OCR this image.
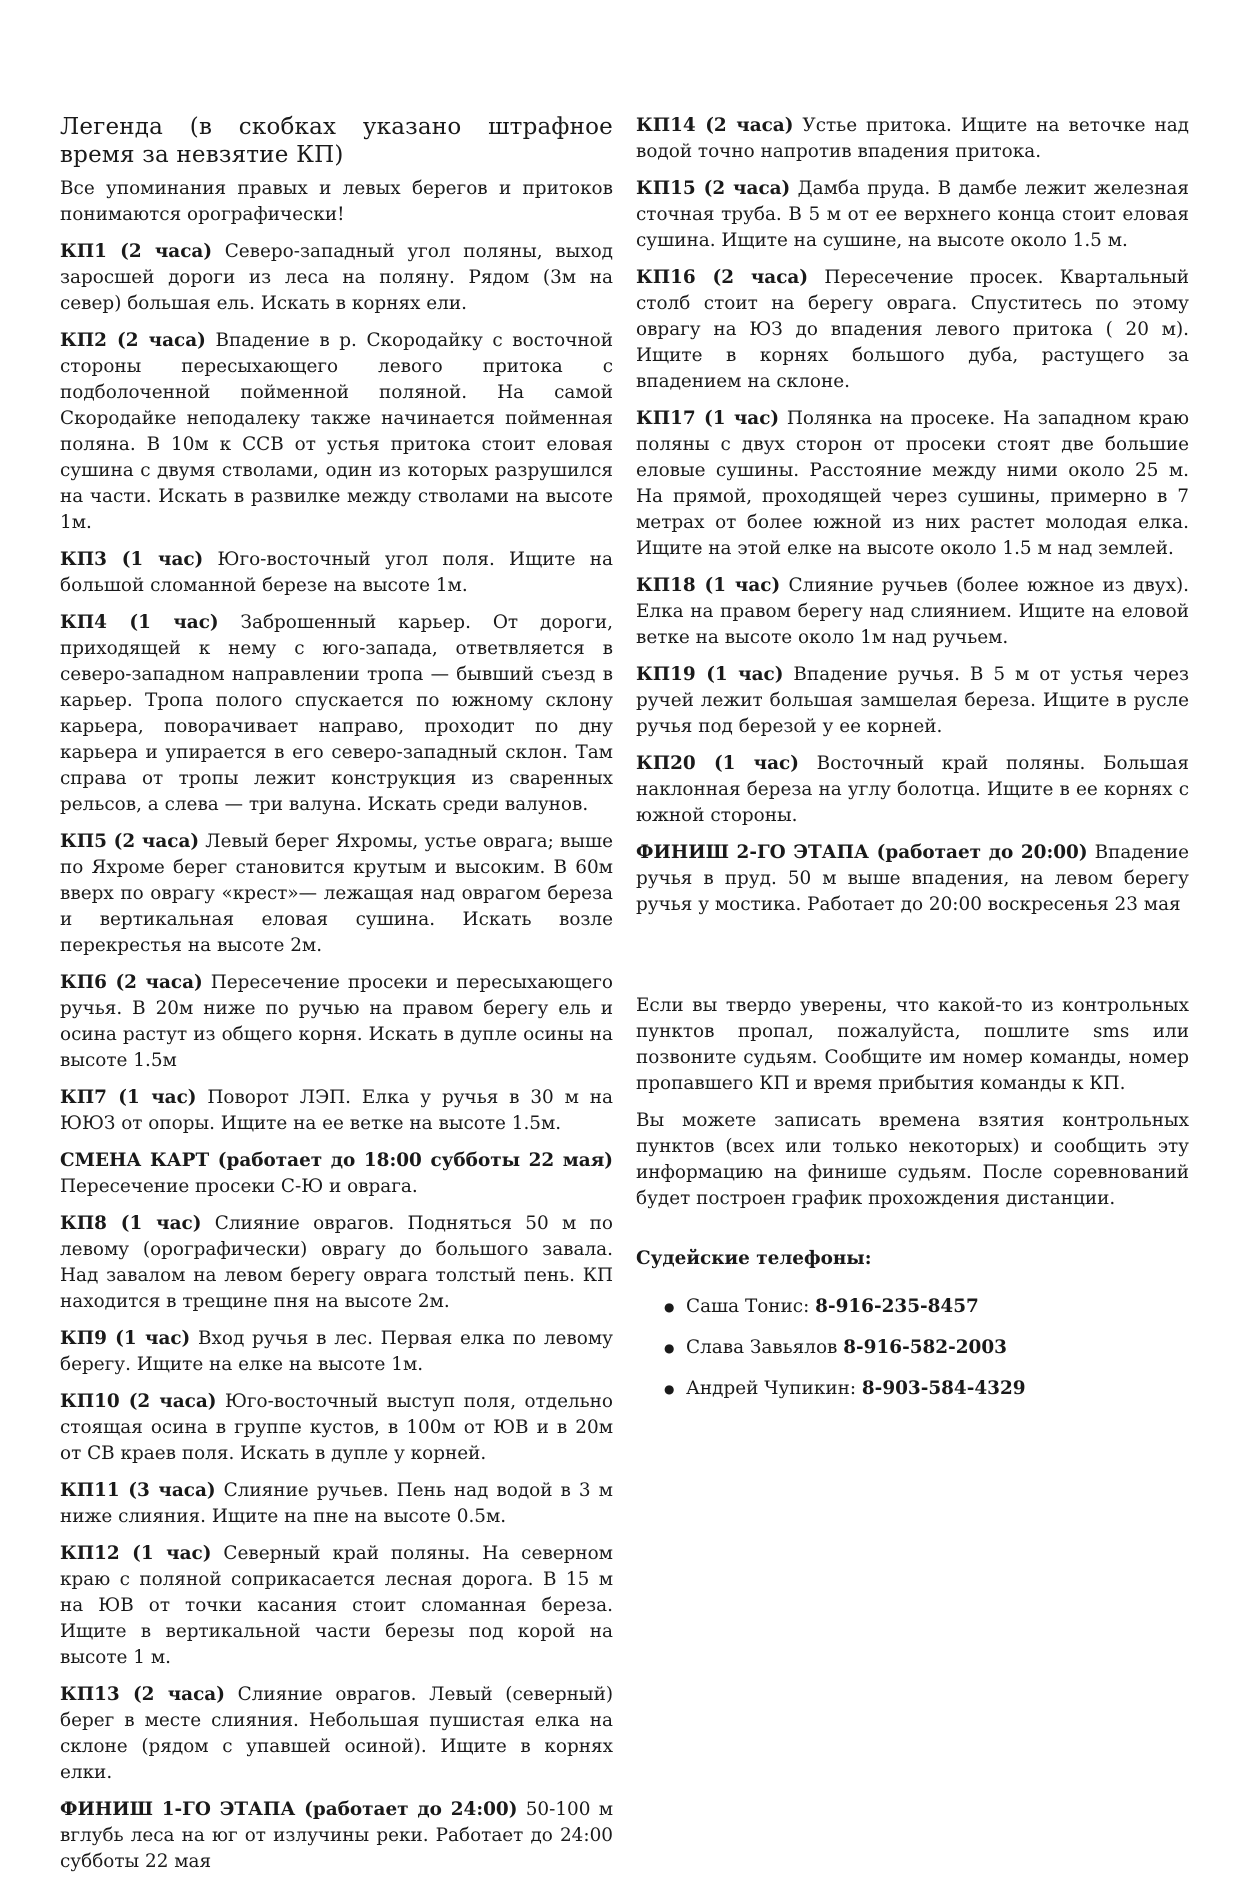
Легенда (в скобках указано штрафное время за невзятие КП)

Все упоминания правых и левых берегов и притоков понимаются орографически!

КП1 (2 часа) Северо-западный угол поляны, выход заросшей дороги из леса на поляну. Рядом (3м на север) большая ель. Искать в корнях ели.

КП2 (2 часа) Впадение в р. Скородайку с восточной стороны пересыхающего левого притока с подболоченной пойменной поляной. На самой Скородайке неподалеку также начинается пойменная поляна. В 10м к ССВ от устья притока стоит еловая сушина с двумя стволами, один из которых разрушился на части. Искать в развилке между стволами на высоте 1м.

КП3 (1 час) Юго-восточный угол поля. Ищите на большой сломанной березе на высоте 1м.

КП4 (1 час) Заброшенный карьер. От дороги, приходящей к нему с юго-запада, ответвляется в северо-западном направлении тропа — бывший съезд в карьер. Тропа полого спускается по южному склону карьера, поворачивает направо, проходит по дну карьера и упирается в его северо-западный склон. Там справа от тропы лежит конструкция из сваренных рельсов, а слева — три валуна. Искать среди валунов.

КП5 (2 часа) Левый берег Яхромы, устье оврага; выше по Яхроме берег становится крутым и высоким. В 60м вверх по оврагу «крест»— лежащая над оврагом береза и вертикальная еловая сушина. Искать возле перекрестья на высоте 2м.

КП6 (2 часа) Пересечение просеки и пересыхающего ручья. В 20м ниже по ручью на правом берегу ель и осина растут из общего корня. Искать в дупле осины на высоте 1.5м

КП7 (1 час) Поворот ЛЭП. Елка у ручья в 30 м на ЮЮЗ от опоры. Ищите на ее ветке на высоте 1.5м.

СМЕНА КАРТ (работает до 18:00 субботы 22 мая) Пересечение просеки С-Ю и оврага.

КП8 (1 час) Слияние оврагов. Подняться 50 м по левому (орографически) оврагу до большого завала. Над завалом на левом берегу оврага толстый пень. КП находится в трещине пня на высоте 2м.

КП9 (1 час) Вход ручья в лес. Первая елка по левому берегу. Ищите на елке на высоте 1м.

КП10 (2 часа) Юго-восточный выступ поля, отдельно стоящая осина в группе кустов, в 100м от ЮВ и в 20м от СВ краев поля. Искать в дупле у корней.

КП11 (3 часа) Слияние ручьев. Пень над водой в 3 м ниже слияния. Ищите на пне на высоте 0.5м.

КП12 (1 час) Северный край поляны. На северном краю с поляной соприкасается лесная дорога. В 15 м на ЮВ от точки касания стоит сломанная береза. Ищите в вертикальной части березы под корой на высоте 1 м.

КП13 (2 часа) Слияние оврагов. Левый (северный) берег в месте слияния. Небольшая пушистая елка на склоне (рядом с упавшей осиной). Ищите в корнях елки.

ФИНИШ 1-ГО ЭТАПА (работает до 24:00) 50-100 м вглубь леса на юг от излучины реки. Работает до 24:00 субботы 22 мая

КП14 (2 часа) Устье притока. Ищите на веточке над водой точно напротив впадения притока.

КП15 (2 часа) Дамба пруда. В дамбе лежит железная сточная труба. В 5 м от ее верхнего конца стоит еловая сушина. Ищите на сушине, на высоте около 1.5 м.

КП16 (2 часа) Пересечение просек. Квартальный столб стоит на берегу оврага. Спуститесь по этому оврагу на ЮЗ до впадения левого притока ( 20 м). Ищите в корнях большого дуба, растущего за впадением на склоне.

КП17 (1 час) Полянка на просеке. На западном краю поляны с двух сторон от просеки стоят две большие еловые сушины. Расстояние между ними около 25 м. На прямой, проходящей через сушины, примерно в 7 метрах от более южной из них растет молодая елка. Ищите на этой елке на высоте около 1.5 м над землей.

КП18 (1 час) Слияние ручьев (более южное из двух). Елка на правом берегу над слиянием. Ищите на еловой ветке на высоте около 1м над ручьем.

КП19 (1 час) Впадение ручья. В 5 м от устья через ручей лежит большая замшелая береза. Ищите в русле ручья под березой у ее корней.

КП20 (1 час) Восточный край поляны. Большая наклонная береза на углу болотца. Ищите в ее корнях с южной стороны.

ФИНИШ 2-ГО ЭТАПА (работает до 20:00) Впадение ручья в пруд. 50 м выше впадения, на левом берегу ручья у мостика. Работает до 20:00 воскресенья 23 мая

Если вы твердо уверены, что какой-то из контрольных пунктов пропал, пожалуйста, пошлите sms или позвоните судьям. Сообщите им номер команды, номер пропавшего КП и время прибытия команды к КП.

Вы можете записать времена взятия контрольных пунктов (всех или только некоторых) и сообщить эту информацию на финише судьям. После соревнований будет построен график прохождения дистанции.

Судейские телефоны:

● Саша Тонис: 8-916-235-8457
● Слава Завьялов 8-916-582-2003
● Андрей Чупикин: 8-903-584-4329
